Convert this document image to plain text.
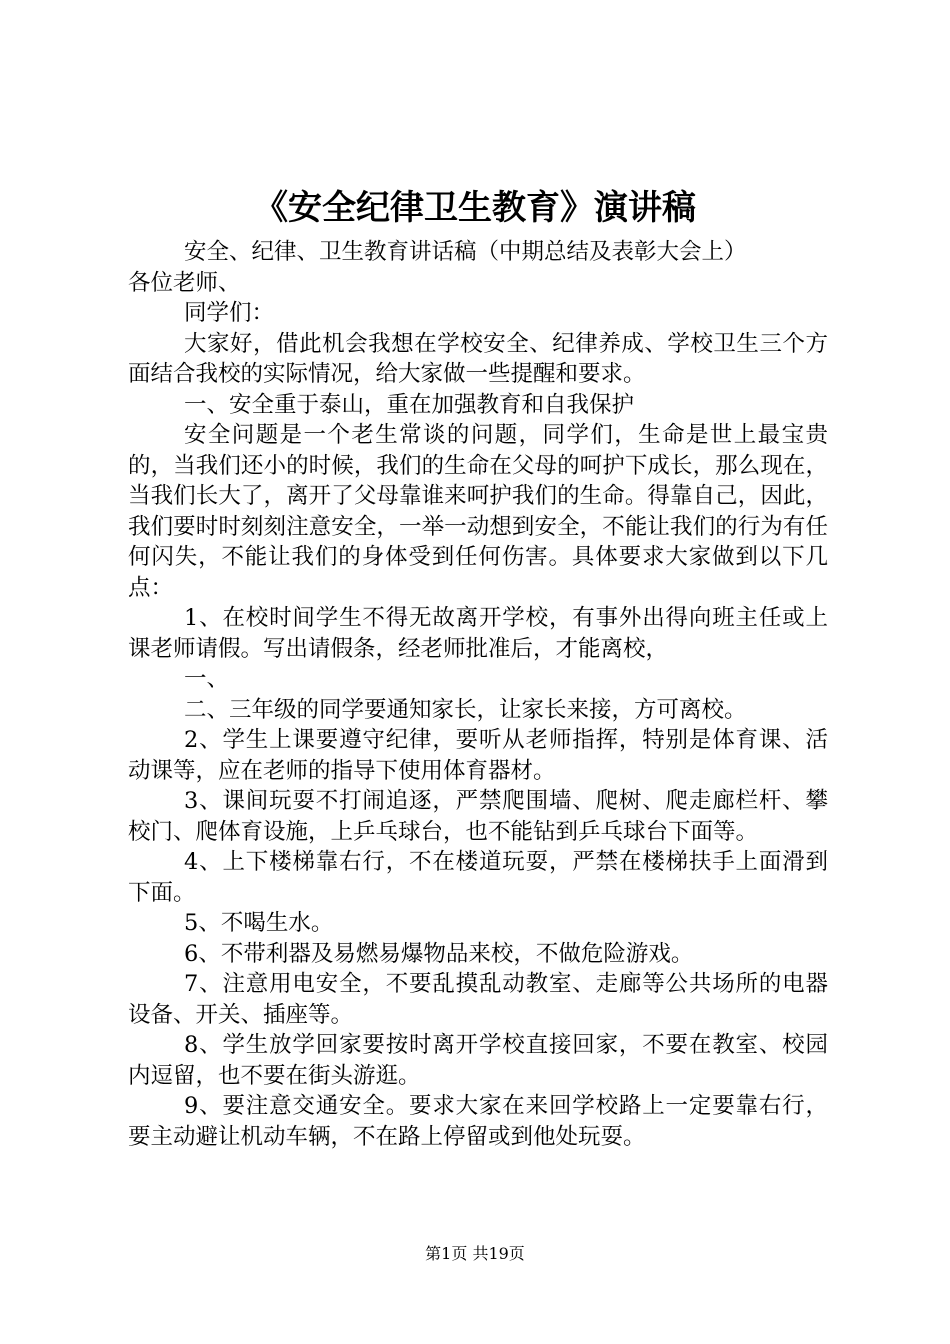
《安全纪律卫生教育》演讲稿

安全、纪律、卫生教育讲话稿（中期总结及表彰大会上）

各位老师、

同学们：

大家好，借此机会我想在学校安全、纪律养成、学校卫生三个方面结合我校的实际情况，给大家做一些提醒和要求。

一、安全重于泰山，重在加强教育和自我保护

安全问题是一个老生常谈的问题，同学们，生命是世上最宝贵的，当我们还小的时候，我们的生命在父母的呵护下成长，那么现在，当我们长大了，离开了父母靠谁来呵护我们的生命。得靠自己，因此，我们要时时刻刻注意安全，一举一动想到安全，不能让我们的行为有任何闪失，不能让我们的身体受到任何伤害。具体要求大家做到以下几点：

1、在校时间学生不得无故离开学校，有事外出得向班主任或上课老师请假。写出请假条，经老师批准后，才能离校，

一、

二、三年级的同学要通知家长，让家长来接，方可离校。

2、学生上课要遵守纪律，要听从老师指挥，特别是体育课、活动课等，应在老师的指导下使用体育器材。

3、课间玩耍不打闹追逐，严禁爬围墙、爬树、爬走廊栏杆、攀校门、爬体育设施，上乒乓球台，也不能钻到乒乓球台下面等。

4、上下楼梯靠右行，不在楼道玩耍，严禁在楼梯扶手上面滑到下面。

5、不喝生水。

6、不带利器及易燃易爆物品来校，不做危险游戏。

7、注意用电安全，不要乱摸乱动教室、走廊等公共场所的电器设备、开关、插座等。

8、学生放学回家要按时离开学校直接回家，不要在教室、校园内逗留，也不要在街头游逛。

9、要注意交通安全。要求大家在来回学校路上一定要靠右行，要主动避让机动车辆，不在路上停留或到他处玩耍。

第1页 共19页
